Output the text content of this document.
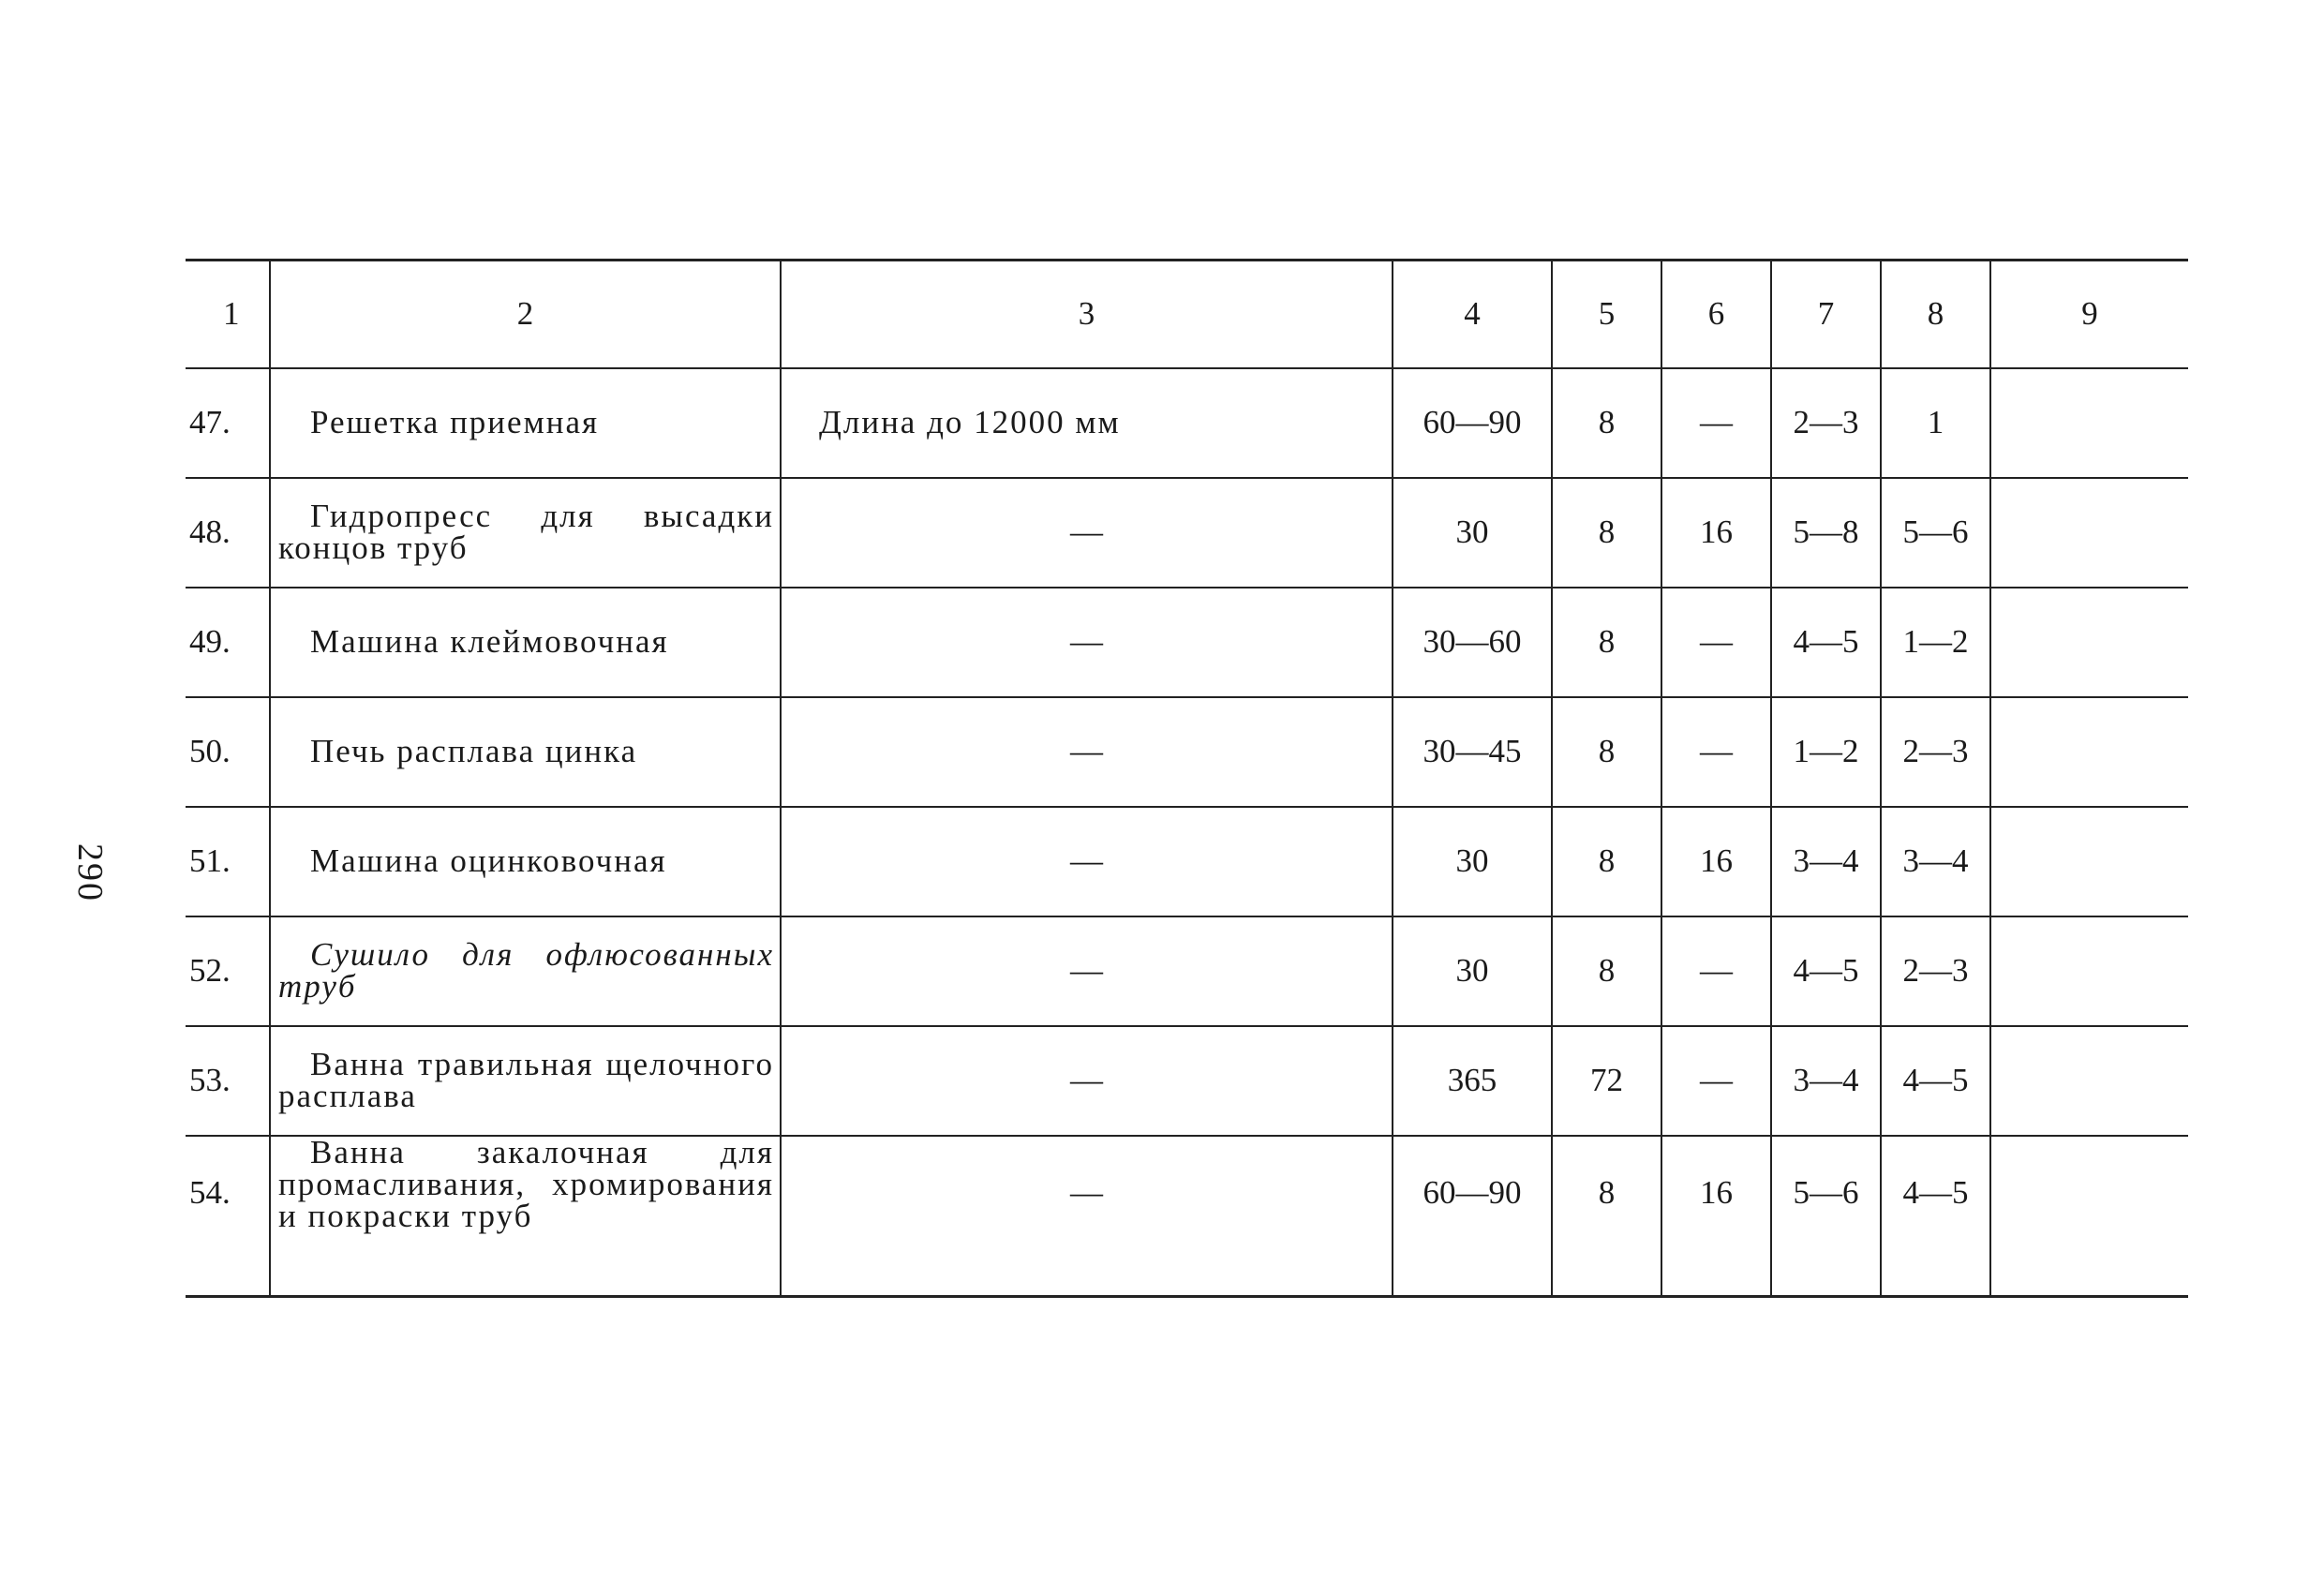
290
1	2	3	4	5	6	7	8	9
47.	Решетка приемная	Длина до 12000 мм	60—90	8	—	2—3	1	
48.	Гидропресс для высадки концов труб	—	30	8	16	5—8	5—6	
49.	Машина клеймовочная	—	30—60	8	—	4—5	1—2	
50.	Печь расплава цинка	—	30—45	8	—	1—2	2—3	
51.	Машина оцинковочная	—	30	8	16	3—4	3—4	
52.	Сушило для офлюсованных труб	—	30	8	—	4—5	2—3	
53.	Ванна травильная щелочного расплава	—	365	72	—	3—4	4—5	
54.	Ванна закалочная для промасливания, хромирования и покраски труб	—	60—90	8	16	5—6	4—5	
